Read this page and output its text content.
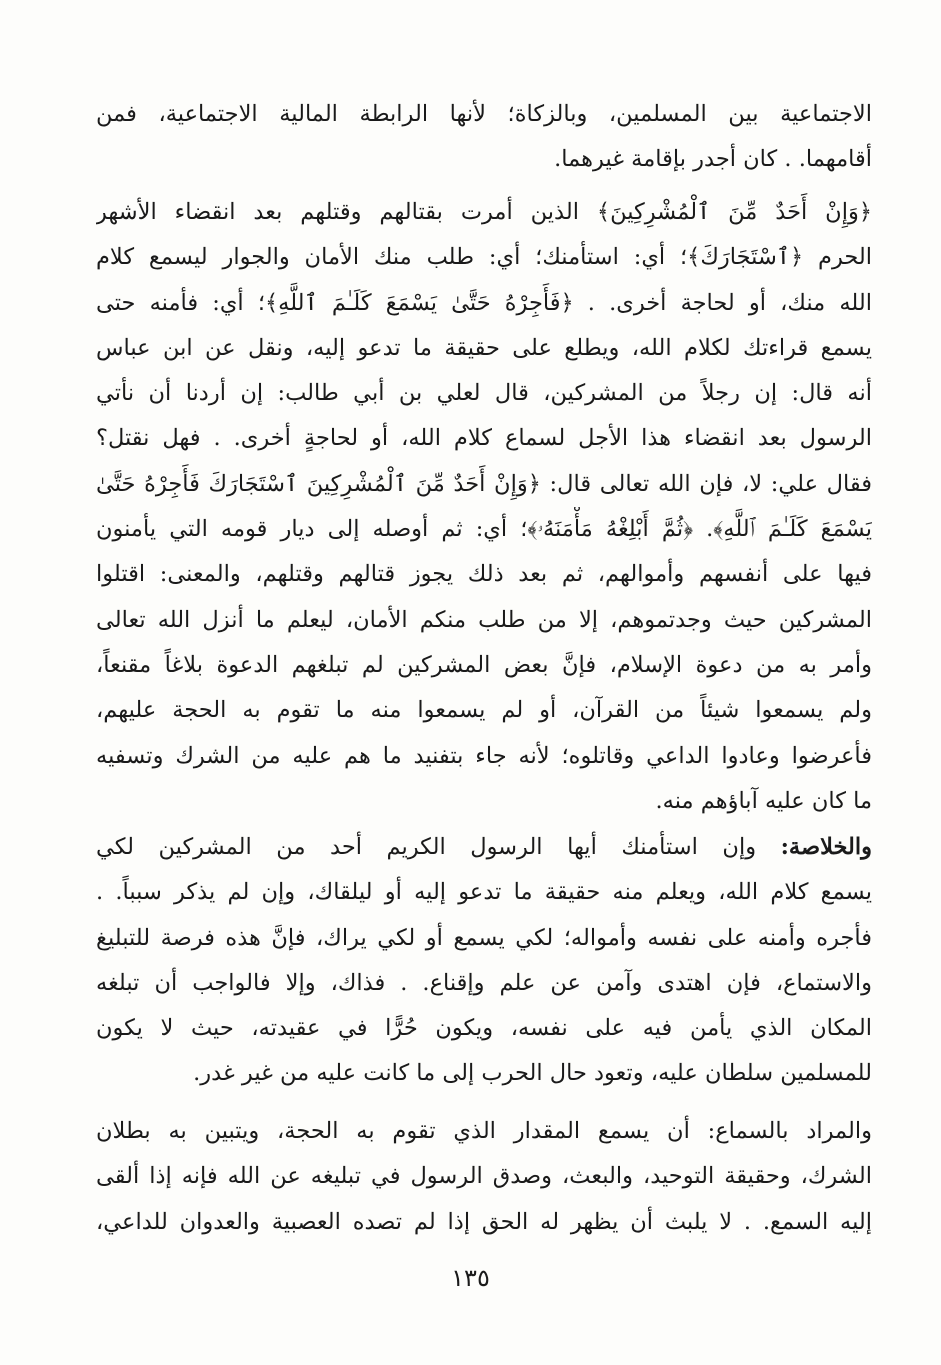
الاجتماعية بين المسلمين، وبالزكاة؛ لأنها الرابطة المالية الاجتماعية، فمن
أقامهما. . كان أجدر بإقامة غيرهما.
﴿وَإِنْ أَحَدٌ مِّنَ ٱلْمُشْرِكِينَ﴾ الذين أمرت بقتالهم وقتلهم بعد انقضاء الأشهر
الحرم ﴿ٱسْتَجَارَكَ﴾؛ أي: استأمنك؛ أي: طلب منك الأمان والجوار ليسمع كلام
الله منك، أو لحاجة أخرى. . ﴿فَأَجِرْهُ حَتَّىٰ يَسْمَعَ كَلَـٰمَ ٱللَّهِ﴾؛ أي: فأمنه حتى
يسمع قراءتك لكلام الله، ويطلع على حقيقة ما تدعو إليه، ونقل عن ابن عباس
أنه قال: إن رجلاً من المشركين، قال لعلي بن أبي طالب: إن أردنا أن نأتي
الرسول بعد انقضاء هذا الأجل لسماع كلام الله، أو لحاجةٍ أخرى. . فهل نقتل؟
فقال علي: لا، فإن الله تعالى قال: ﴿وَإِنْ أَحَدٌ مِّنَ ٱلْمُشْرِكِينَ ٱسْتَجَارَكَ فَأَجِرْهُ حَتَّىٰ
يَسْمَعَ كَلَـٰمَ ٱللَّهِ﴾. ﴿ثُمَّ أَبْلِغْهُ مَأْمَنَهُۥ﴾؛ أي: ثم أوصله إلى ديار قومه التي يأمنون
فيها على أنفسهم وأموالهم، ثم بعد ذلك يجوز قتالهم وقتلهم، والمعنى: اقتلوا
المشركين حيث وجدتموهم، إلا من طلب منكم الأمان، ليعلم ما أنزل الله تعالى
وأمر به من دعوة الإسلام، فإنَّ بعض المشركين لم تبلغهم الدعوة بلاغاً مقنعاً،
ولم يسمعوا شيئاً من القرآن، أو لم يسمعوا منه ما تقوم به الحجة عليهم،
فأعرضوا وعادوا الداعي وقاتلوه؛ لأنه جاء بتفنيد ما هم عليه من الشرك وتسفيه
ما كان عليه آباؤهم منه.
والخلاصة: وإن استأمنك أيها الرسول الكريم أحد من المشركين لكي
يسمع كلام الله، ويعلم منه حقيقة ما تدعو إليه أو ليلقاك، وإن لم يذكر سبباً. .
فأجره وأمنه على نفسه وأمواله؛ لكي يسمع أو لكي يراك، فإنَّ هذه فرصة للتبليغ
والاستماع، فإن اهتدى وآمن عن علم وإقناع. . فذاك، وإلا فالواجب أن تبلغه
المكان الذي يأمن فيه على نفسه، ويكون حُرًّا في عقيدته، حيث لا يكون
للمسلمين سلطان عليه، وتعود حال الحرب إلى ما كانت عليه من غير غدر.
والمراد بالسماع: أن يسمع المقدار الذي تقوم به الحجة، ويتبين به بطلان
الشرك، وحقيقة التوحيد، والبعث، وصدق الرسول في تبليغه عن الله فإنه إذا ألقى
إليه السمع. . لا يلبث أن يظهر له الحق إذا لم تصده العصبية والعدوان للداعي،
١٣٥
